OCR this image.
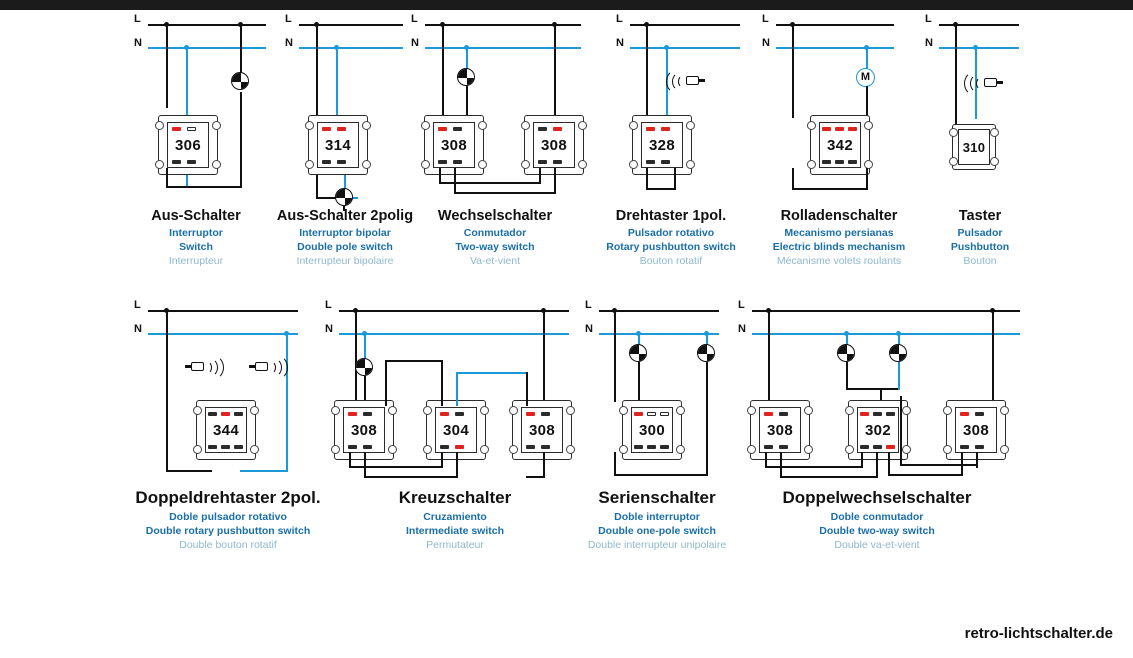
L
N
306
Aus-Schalter
Interruptor
Switch
Interrupteur
L
N
314
Aus-Schalter 2polig
Interruptor bipolar
Double pole switch
Interrupteur bipolaire
L
N
308	308
Wechselschalter
Conmutador
Two-way switch
Va-et-vient
L
N
328
Drehtaster 1pol.
Pulsador rotativo
Rotary pushbutton switch
Bouton rotatif
L
N
M
342
Rolladenschalter
Mecanismo persianas
Electric blinds mechanism
Mécanisme volets roulants
L
N
310
Taster
Pulsador
Pushbutton
Bouton
L
N
344
Doppeldrehtaster 2pol.
Doble pulsador rotativo
Double rotary pushbutton switch
Double bouton rotatif
L
N
308	304	308
Kreuzschalter
Cruzamiento
Intermediate switch
Permutateur
L
N
300
Serienschalter
Doble interruptor
Double one-pole switch
Double interrupteur unipolaire
L
N
308	302	308
Doppelwechselschalter
Doble conmutador
Double two-way switch
Double va-et-vient
retro-lichtschalter.de
